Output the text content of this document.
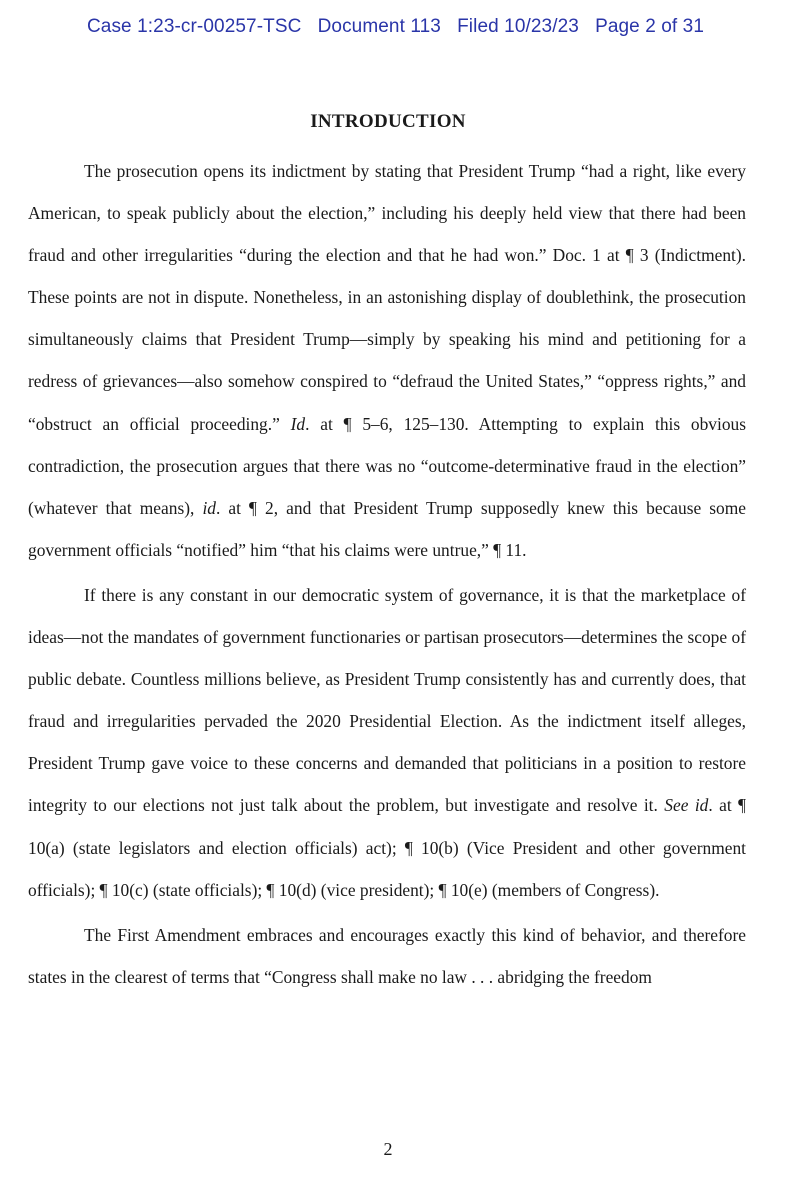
Case 1:23-cr-00257-TSC Document 113 Filed 10/23/23 Page 2 of 31
INTRODUCTION

The prosecution opens its indictment by stating that President Trump “had a right, like every American, to speak publicly about the election,” including his deeply held view that there had been fraud and other irregularities “during the election and that he had won.” Doc. 1 at ¶ 3 (Indictment). These points are not in dispute. Nonetheless, in an astonishing display of doublethink, the prosecution simultaneously claims that President Trump—simply by speaking his mind and petitioning for a redress of grievances—also somehow conspired to “defraud the United States,” “oppress rights,” and “obstruct an official proceeding.” Id. at ¶ 5–6, 125–130. Attempting to explain this obvious contradiction, the prosecution argues that there was no “outcome-determinative fraud in the election” (whatever that means), id. at ¶ 2, and that President Trump supposedly knew this because some government officials “notified” him “that his claims were untrue,” ¶ 11.

If there is any constant in our democratic system of governance, it is that the marketplace of ideas—not the mandates of government functionaries or partisan prosecutors—determines the scope of public debate. Countless millions believe, as President Trump consistently has and currently does, that fraud and irregularities pervaded the 2020 Presidential Election. As the indictment itself alleges, President Trump gave voice to these concerns and demanded that politicians in a position to restore integrity to our elections not just talk about the problem, but investigate and resolve it. See id. at ¶ 10(a) (state legislators and election officials) act); ¶ 10(b) (Vice President and other government officials); ¶ 10(c) (state officials); ¶ 10(d) (vice president); ¶ 10(e) (members of Congress).

The First Amendment embraces and encourages exactly this kind of behavior, and therefore states in the clearest of terms that “Congress shall make no law . . . abridging the freedom

2
